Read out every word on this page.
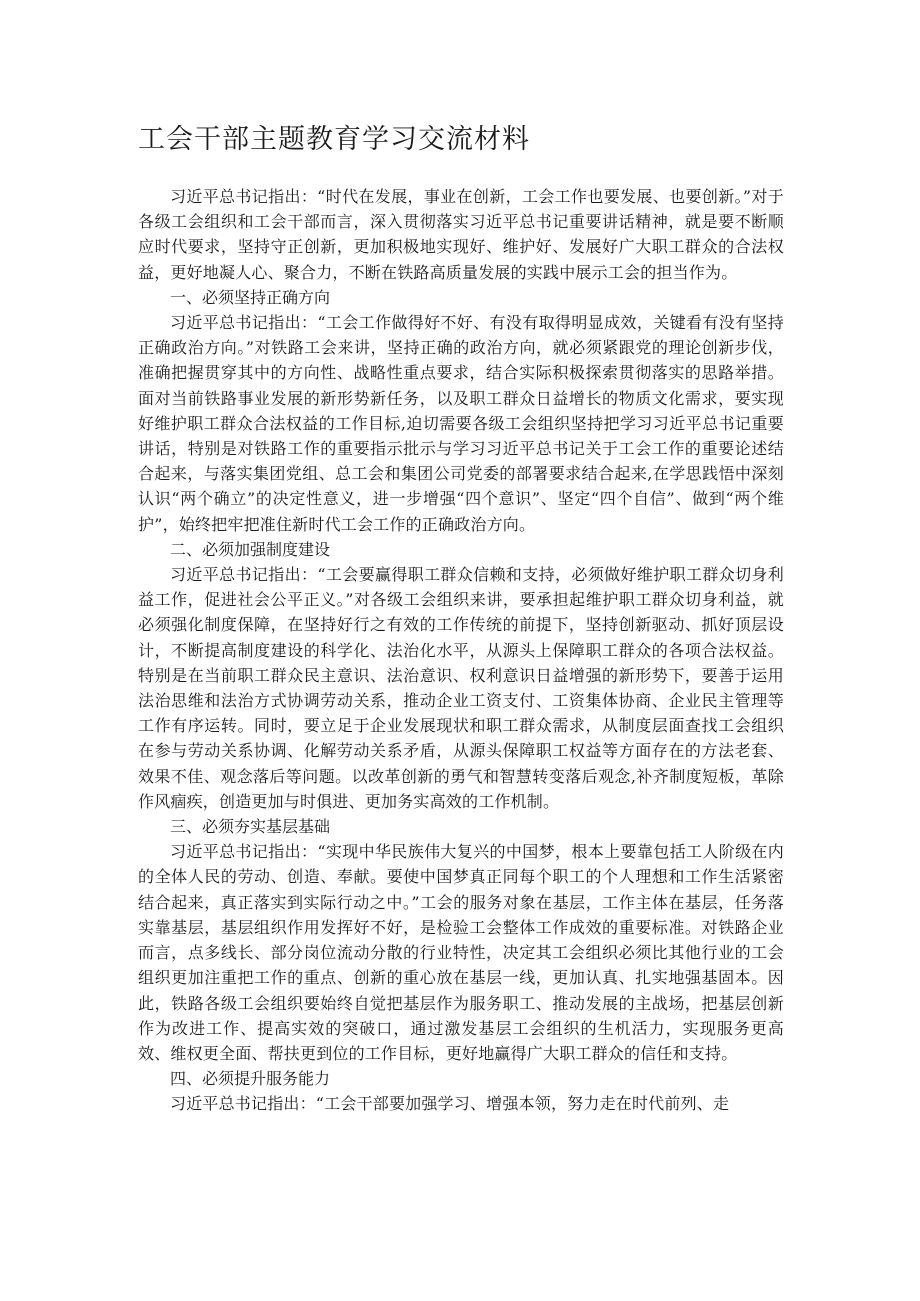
工会干部主题教育学习交流材料

习近平总书记指出：“时代在发展，事业在创新，工会工作也要发展、也要创新。”对于各级工会组织和工会干部而言，深入贯彻落实习近平总书记重要讲话精神，就是要不断顺应时代要求，坚持守正创新，更加积极地实现好、维护好、发展好广大职工群众的合法权益，更好地凝人心、聚合力，不断在铁路高质量发展的实践中展示工会的担当作为。

一、必须坚持正确方向

习近平总书记指出：“工会工作做得好不好、有没有取得明显成效，关键看有没有坚持正确政治方向。”对铁路工会来讲，坚持正确的政治方向，就必须紧跟党的理论创新步伐，准确把握贯穿其中的方向性、战略性重点要求，结合实际积极探索贯彻落实的思路举措。面对当前铁路事业发展的新形势新任务，以及职工群众日益增长的物质文化需求，要实现好维护职工群众合法权益的工作目标,迫切需要各级工会组织坚持把学习习近平总书记重要讲话，特别是对铁路工作的重要指示批示与学习习近平总书记关于工会工作的重要论述结合起来，与落实集团党组、总工会和集团公司党委的部署要求结合起来,在学思践悟中深刻认识“两个确立”的决定性意义，进一步增强“四个意识”、坚定“四个自信”、做到“两个维护”，始终把牢把准住新时代工会工作的正确政治方向。

二、必须加强制度建设

习近平总书记指出：“工会要赢得职工群众信赖和支持，必须做好维护职工群众切身利益工作，促进社会公平正义。”对各级工会组织来讲，要承担起维护职工群众切身利益，就必须强化制度保障，在坚持好行之有效的工作传统的前提下，坚持创新驱动、抓好顶层设计，不断提高制度建设的科学化、法治化水平，从源头上保障职工群众的各项合法权益。特别是在当前职工群众民主意识、法治意识、权利意识日益增强的新形势下，要善于运用法治思维和法治方式协调劳动关系，推动企业工资支付、工资集体协商、企业民主管理等工作有序运转。同时，要立足于企业发展现状和职工群众需求，从制度层面查找工会组织在参与劳动关系协调、化解劳动关系矛盾，从源头保障职工权益等方面存在的方法老套、效果不佳、观念落后等问题。以改革创新的勇气和智慧转变落后观念,补齐制度短板，革除作风痼疾，创造更加与时俱进、更加务实高效的工作机制。

三、必须夯实基层基础

习近平总书记指出：“实现中华民族伟大复兴的中国梦，根本上要靠包括工人阶级在内的全体人民的劳动、创造、奉献。要使中国梦真正同每个职工的个人理想和工作生活紧密结合起来，真正落实到实际行动之中。”工会的服务对象在基层，工作主体在基层，任务落实靠基层，基层组织作用发挥好不好，是检验工会整体工作成效的重要标准。对铁路企业而言，点多线长、部分岗位流动分散的行业特性，决定其工会组织必须比其他行业的工会组织更加注重把工作的重点、创新的重心放在基层一线，更加认真、扎实地强基固本。因此，铁路各级工会组织要始终自觉把基层作为服务职工、推动发展的主战场，把基层创新作为改进工作、提高实效的突破口，通过激发基层工会组织的生机活力，实现服务更高效、维权更全面、帮扶更到位的工作目标，更好地赢得广大职工群众的信任和支持。

四、必须提升服务能力

习近平总书记指出：“工会干部要加强学习、增强本领，努力走在时代前列、走
